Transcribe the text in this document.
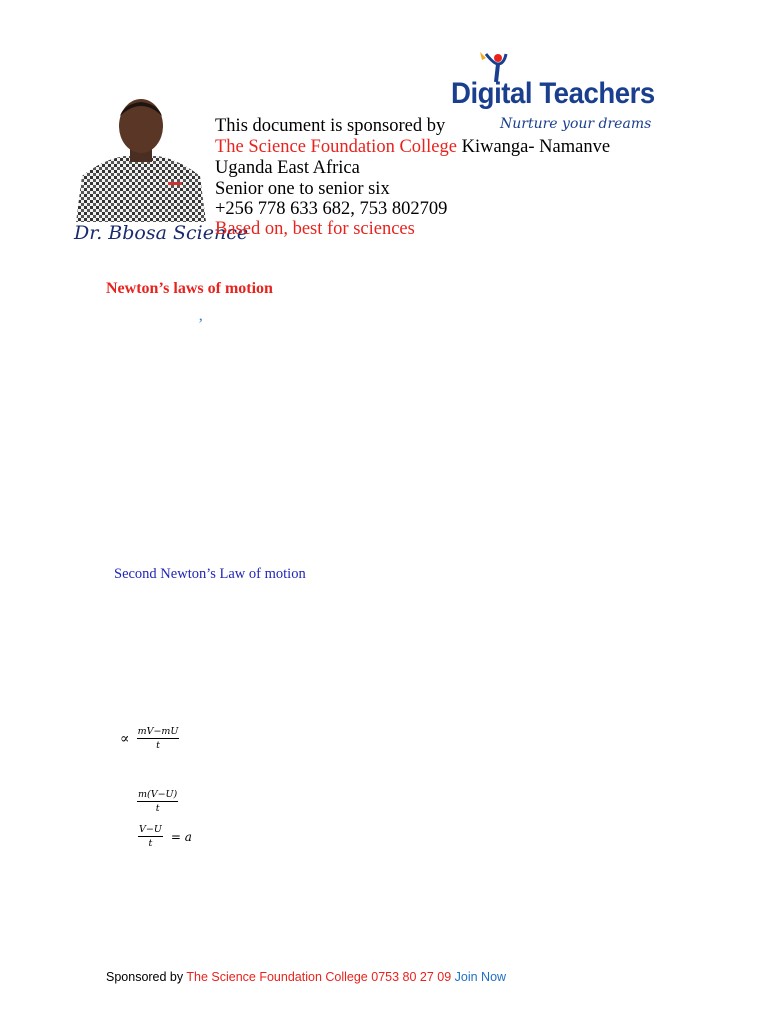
Dr. Bbosa Science
This document is sponsored by
The Science Foundation College Kiwanga- Namanve
Uganda East Africa
Senior one to senior six
+256 778 633 682, 753 802709
Based on, best for sciences
Digital Teachers
Nurture your dreams
Newton’s laws of motion
’
Second Newton’s Law of motion
∝ $\frac{mV-mU}{t}$
$\frac{m(V-U)}{t}$
$\frac{V-U}{t} = a$
Sponsored by The Science Foundation College 0753 80 27 09 Join Now
